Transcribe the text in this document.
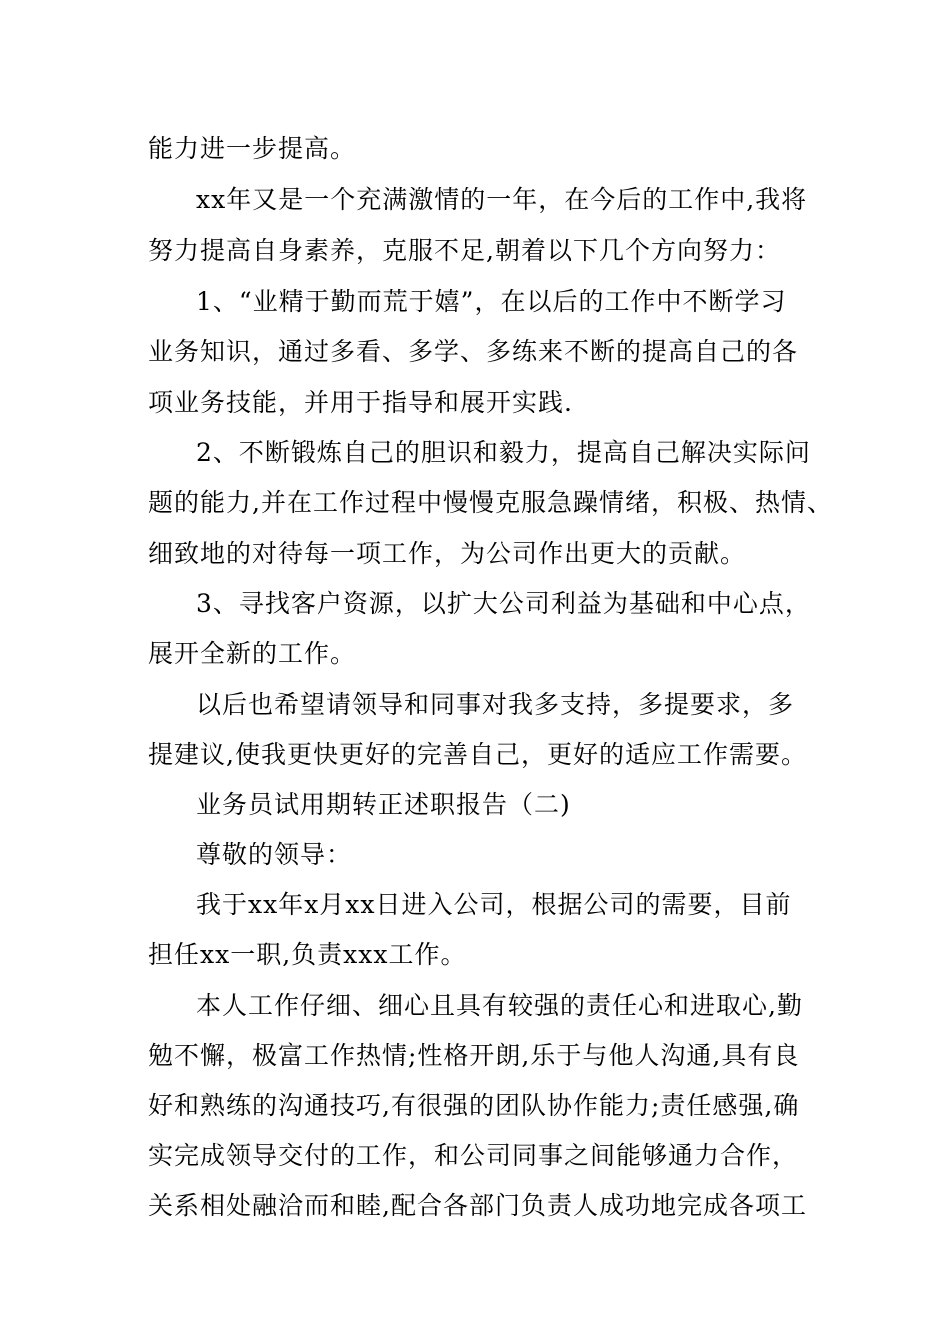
能力进一步提高。
xx年又是一个充满激情的一年，在今后的工作中,我将
努力提高自身素养，克服不足,朝着以下几个方向努力：
1、“业精于勤而荒于嬉”，在以后的工作中不断学习
业务知识，通过多看、多学、多练来不断的提高自己的各
项业务技能，并用于指导和展开实践.
2、不断锻炼自己的胆识和毅力，提高自己解决实际问
题的能力,并在工作过程中慢慢克服急躁情绪，积极、热情、
细致地的对待每一项工作，为公司作出更大的贡献。
3、寻找客户资源，以扩大公司利益为基础和中心点，
展开全新的工作。
以后也希望请领导和同事对我多支持，多提要求，多
提建议,使我更快更好的完善自己，更好的适应工作需要。
业务员试用期转正述职报告（二)
尊敬的领导：
我于xx年x月xx日进入公司，根据公司的需要，目前
担任xx一职,负责xxx工作。
本人工作仔细、细心且具有较强的责任心和进取心,勤
勉不懈，极富工作热情;性格开朗,乐于与他人沟通,具有良
好和熟练的沟通技巧,有很强的团队协作能力;责任感强,确
实完成领导交付的工作，和公司同事之间能够通力合作，
关系相处融洽而和睦,配合各部门负责人成功地完成各项工
